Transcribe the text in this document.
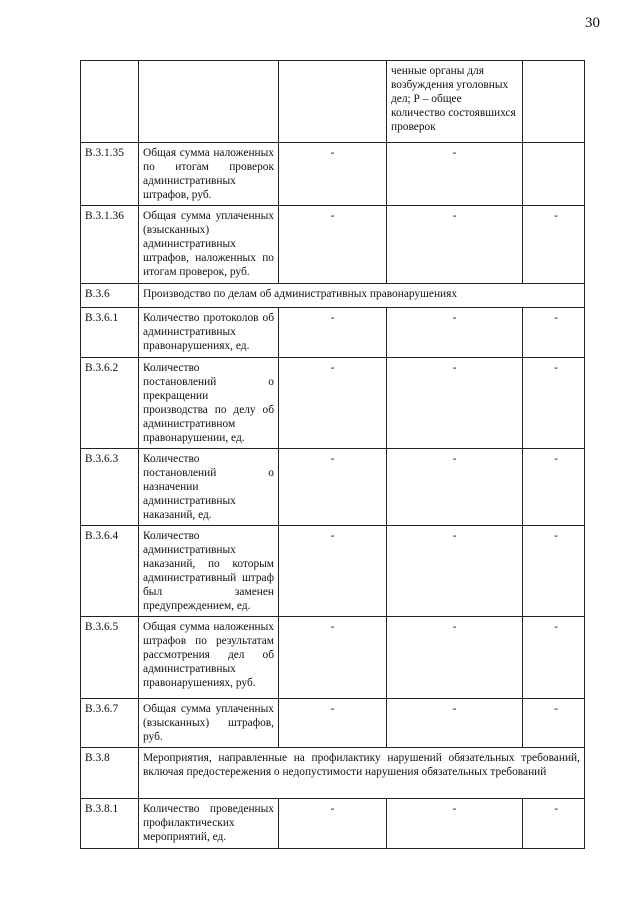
30
			ченные органы для возбуждения уголовных дел; Р – общее количество состоявшихся проверок	
В.3.1.35	Общая сумма наложенных по итогам проверок административных штрафов, руб.	-	-	
В.3.1.36	Общая сумма уплаченных (взысканных) административных штрафов, наложенных по итогам проверок, руб.	-	-	-
В.3.6	Производство по делам об административных правонарушениях			
В.3.6.1	Количество протоколов об административных правонарушениях, ед.	-	-	-
В.3.6.2	Количество постановлений о прекращении производства по делу об административном правонарушении, ед.	-	-	-
В.3.6.3	Количество постановлений о назначении административных наказаний, ед.	-	-	-
В.3.6.4	Количество административных наказаний, по которым административный штраф был заменен предупреждением, ед.	-	-	-
В.3.6.5	Общая сумма наложенных штрафов по результатам рассмотрения дел об административных правонарушениях, руб.	-	-	-
В.3.6.7	Общая сумма уплаченных (взысканных) штрафов, руб.	-	-	-
В.3.8	Мероприятия, направленные на профилактику нарушений обязательных требований, включая предостережения о недопустимости нарушения обязательных требований			
В.3.8.1	Количество проведенных профилактических мероприятий, ед.	-	-	-
